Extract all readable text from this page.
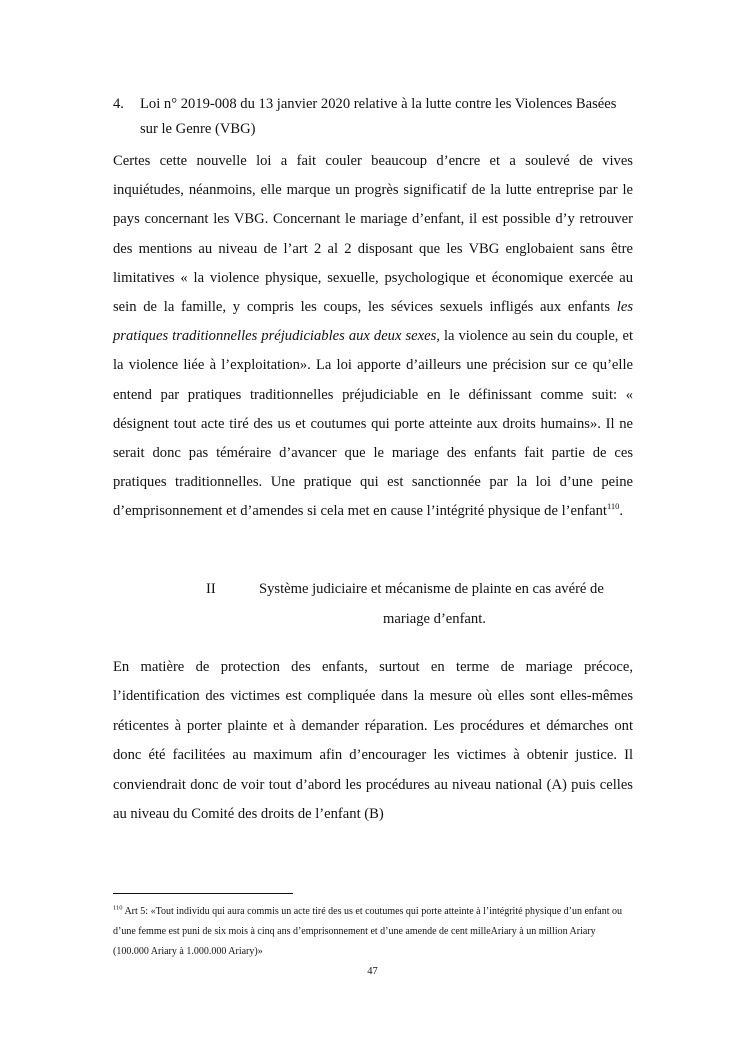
4. Loi n° 2019-008 du 13 janvier 2020 relative à la lutte contre les Violences Basées sur le Genre (VBG)

Certes cette nouvelle loi a fait couler beaucoup d’encre et a soulevé de vives inquiétudes, néanmoins, elle marque un progrès significatif de la lutte entreprise par le pays concernant les VBG. Concernant le mariage d’enfant, il est possible d’y retrouver des mentions au niveau de l’art 2 al 2 disposant que les VBG englobaient sans être limitatives « la violence physique, sexuelle, psychologique et économique exercée au sein de la famille, y compris les coups, les sévices sexuels infligés aux enfants les pratiques traditionnelles préjudiciables aux deux sexes, la violence au sein du couple, et la violence liée à l’exploitation». La loi apporte d’ailleurs une précision sur ce qu’elle entend par pratiques traditionnelles préjudiciable en le définissant comme suit: « désignent tout acte tiré des us et coutumes qui porte atteinte aux droits humains». Il ne serait donc pas téméraire d’avancer que le mariage des enfants fait partie de ces pratiques traditionnelles. Une pratique qui est sanctionnée par la loi d’une peine d’emprisonnement et d’amendes si cela met en cause l’intégrité physique de l’enfant$^{110}$.

II	Système judiciaire et mécanisme de plainte en cas avéré de
mariage d’enfant.

En matière de protection des enfants, surtout en terme de mariage précoce, l’identification des victimes est compliquée dans la mesure où elles sont elles-mêmes réticentes à porter plainte et à demander réparation. Les procédures et démarches ont donc été facilitées au maximum afin d’encourager les victimes à obtenir justice. Il conviendrait donc de voir tout d’abord les procédures au niveau national (A) puis celles au niveau du Comité des droits de l’enfant (B)

$^{110}$ Art 5: «Tout individu qui aura commis un acte tiré des us et coutumes qui porte atteinte à l’intégrité physique d’un enfant ou d’une femme est puni de six mois à cinq ans d’emprisonnement et d’une amende de cent milleAriary à un million Ariary (100.000 Ariary à 1.000.000 Ariary)»

47
